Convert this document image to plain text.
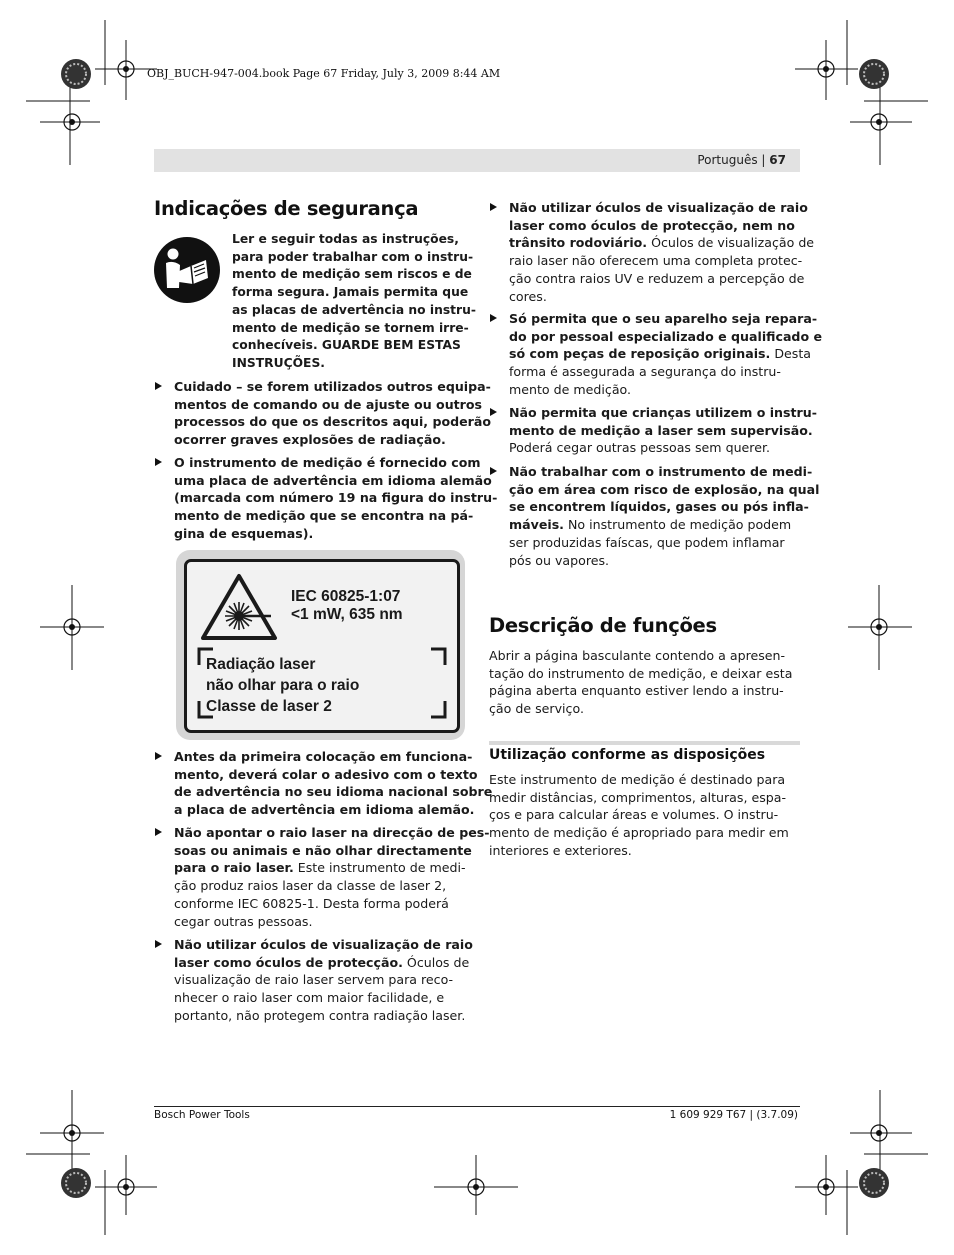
OBJ_BUCH-947-004.book Page 67 Friday, July 3, 2009 8:44 AM
Português | 67
Indicações de segurança
Ler e seguir todas as instruções,
para poder trabalhar com o instru-
mento de medição sem riscos e de
forma segura. Jamais permita que
as placas de advertência no instru-
mento de medição se tornem irre-
conhecíveis. GUARDE BEM ESTAS
INSTRUÇÕES.
Cuidado – se forem utilizados outros equipa-
mentos de comando ou de ajuste ou outros
processos do que os descritos aqui, poderão
ocorrer graves explosões de radiação.
O instrumento de medição é fornecido com
uma placa de advertência em idioma alemão
(marcada com número 19 na figura do instru-
mento de medição que se encontra na pá-
gina de esquemas).
IEC 60825-1:07
<1 mW, 635 nm
Radiação laser
não olhar para o raio
Classe de laser 2
Antes da primeira colocação em funciona-
mento, deverá colar o adesivo com o texto
de advertência no seu idioma nacional sobre
a placa de advertência em idioma alemão.
Não apontar o raio laser na direcção de pes-
soas ou animais e não olhar directamente
para o raio laser. Este instrumento de medi-
ção produz raios laser da classe de laser 2,
conforme IEC 60825-1. Desta forma poderá
cegar outras pessoas.
Não utilizar óculos de visualização de raio
laser como óculos de protecção. Óculos de
visualização de raio laser servem para reco-
nhecer o raio laser com maior facilidade, e
portanto, não protegem contra radiação laser.
Não utilizar óculos de visualização de raio
laser como óculos de protecção, nem no
trânsito rodoviário. Óculos de visualização de
raio laser não oferecem uma completa protec-
ção contra raios UV e reduzem a percepção de
cores.
Só permita que o seu aparelho seja repara-
do por pessoal especializado e qualificado e
só com peças de reposição originais. Desta
forma é assegurada a segurança do instru-
mento de medição.
Não permita que crianças utilizem o instru-
mento de medição a laser sem supervisão.
Poderá cegar outras pessoas sem querer.
Não trabalhar com o instrumento de medi-
ção em área com risco de explosão, na qual
se encontrem líquidos, gases ou pós infla-
máveis. No instrumento de medição podem
ser produzidas faíscas, que podem inflamar
pós ou vapores.
Descrição de funções
Abrir a página basculante contendo a apresen-
tação do instrumento de medição, e deixar esta
página aberta enquanto estiver lendo a instru-
ção de serviço.
Utilização conforme as disposições
Este instrumento de medição é destinado para
medir distâncias, comprimentos, alturas, espa-
ços e para calcular áreas e volumes. O instru-
mento de medição é apropriado para medir em
interiores e exteriores.
Bosch Power Tools	1 609 929 T67 | (3.7.09)
